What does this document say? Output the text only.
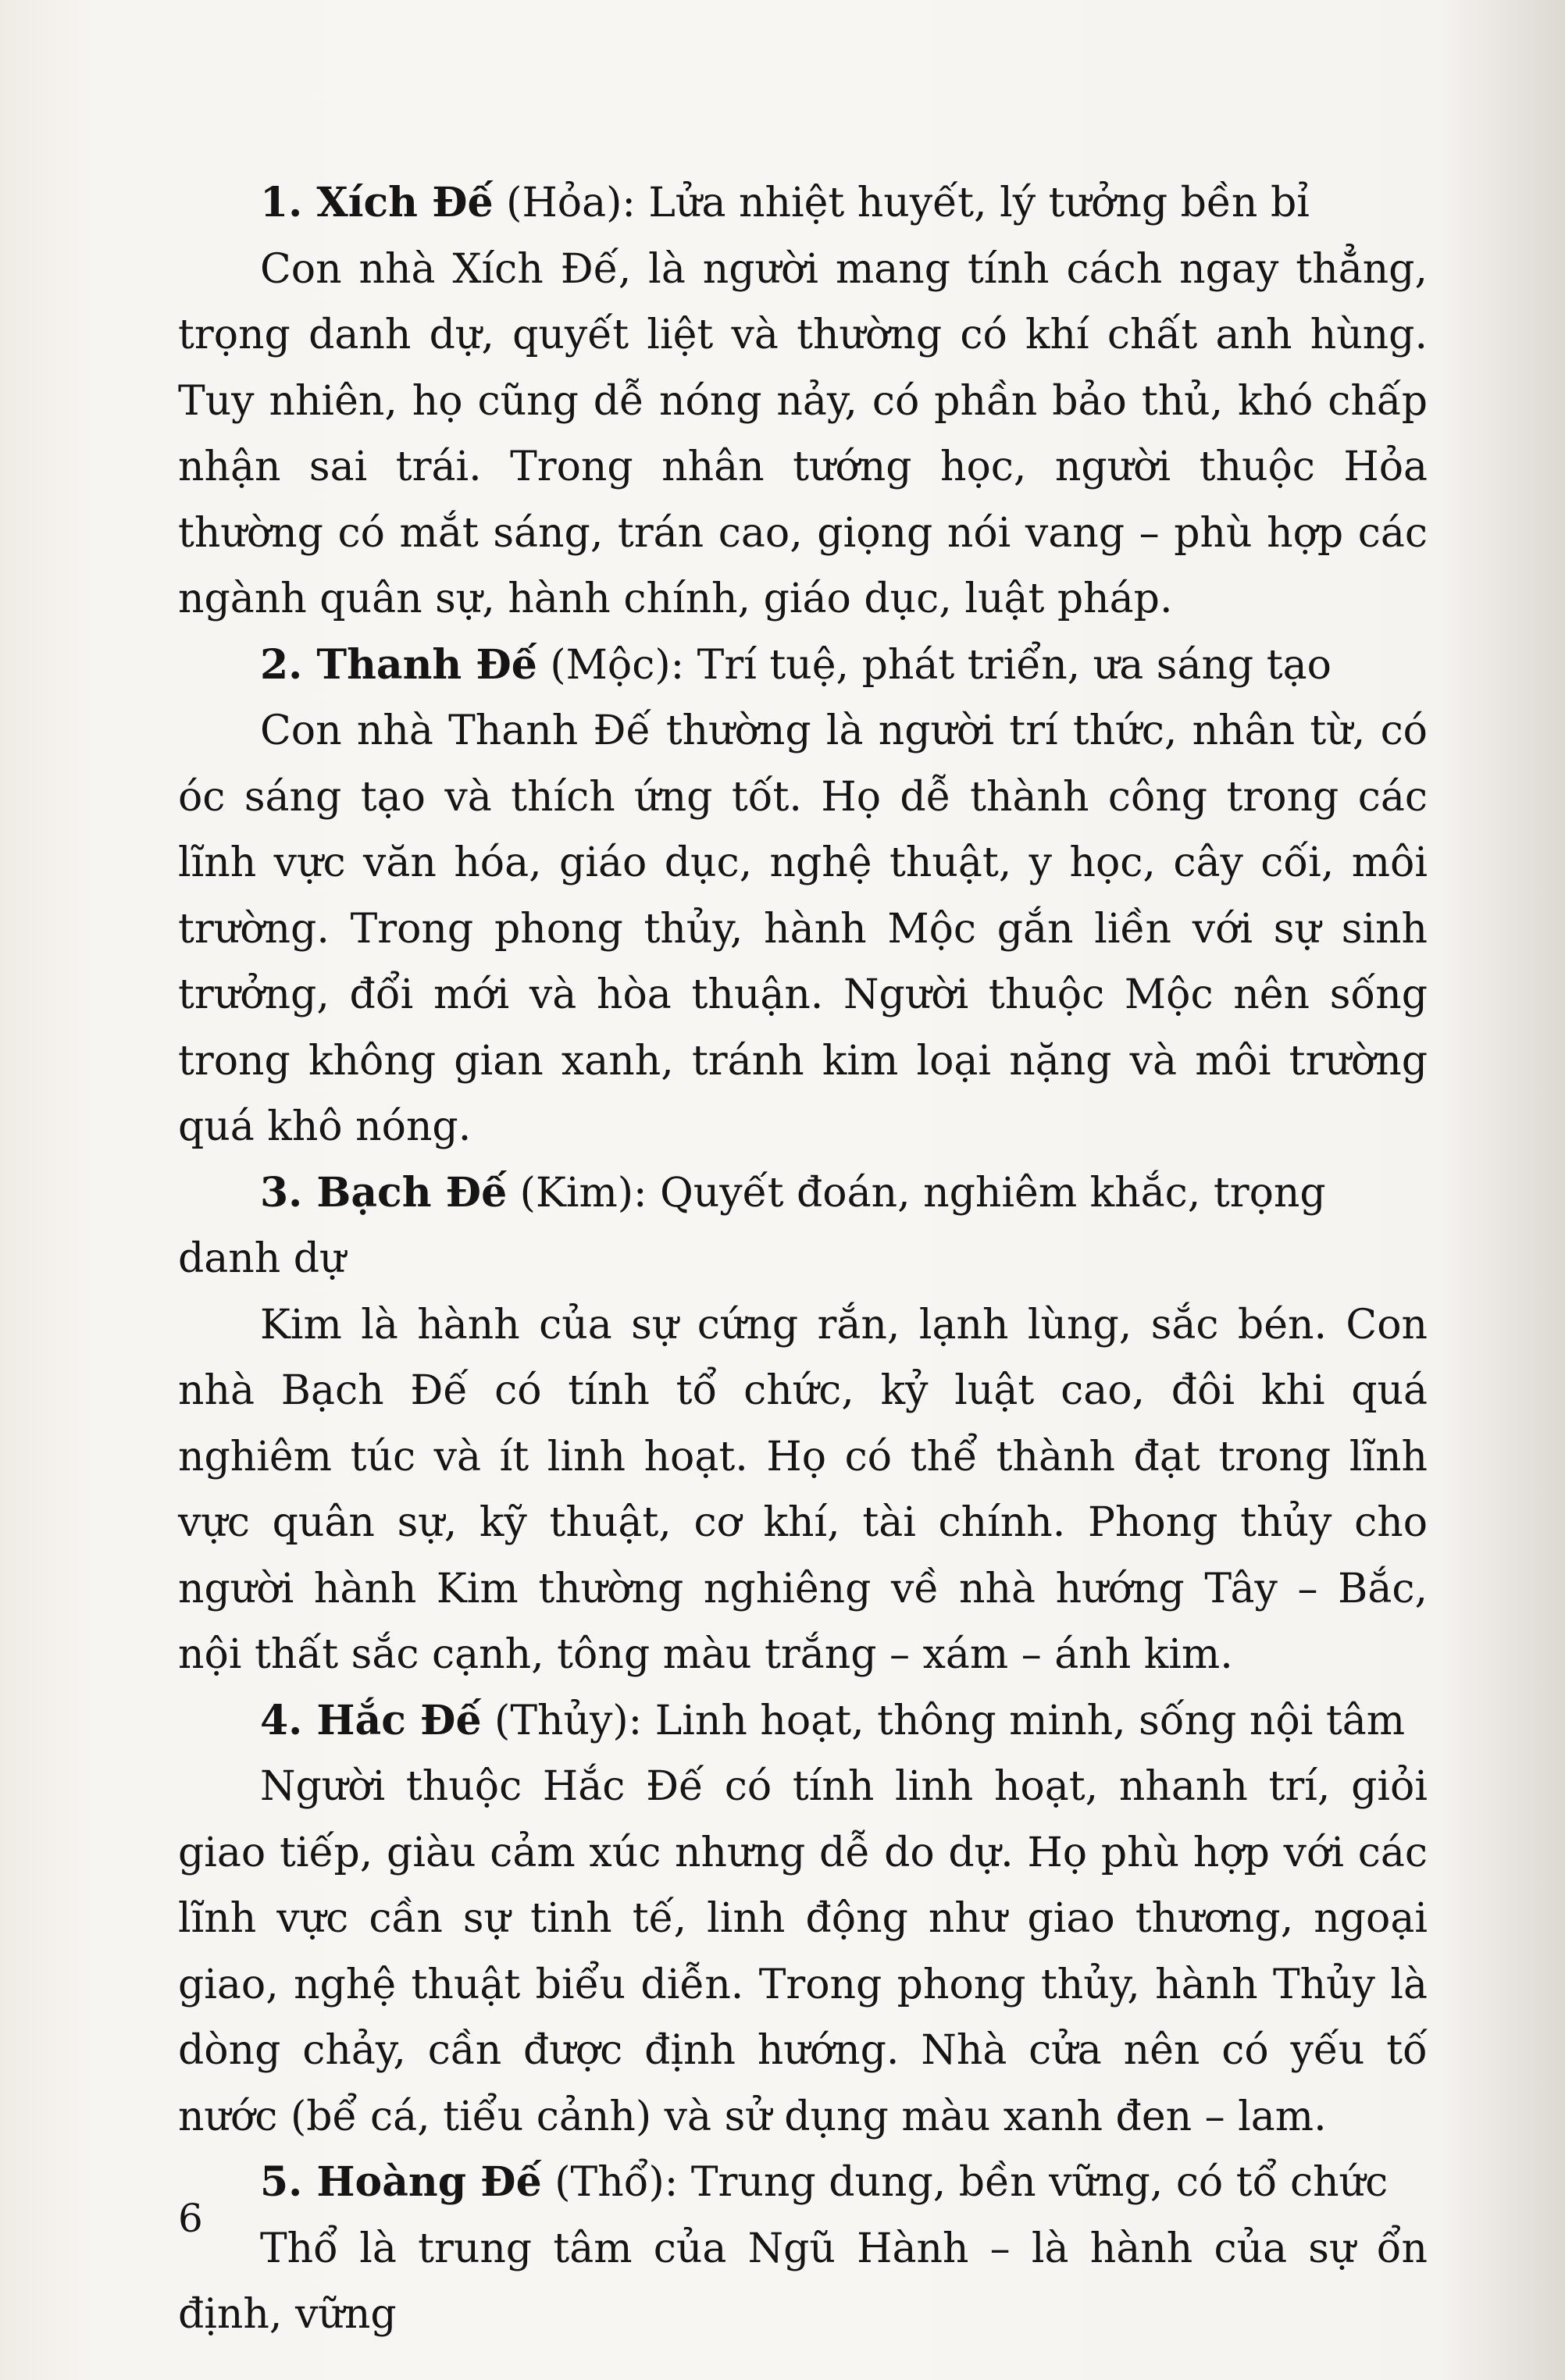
1. Xích Đế (Hỏa): Lửa nhiệt huyết, lý tưởng bền bỉ

Con nhà Xích Đế, là người mang tính cách ngay thẳng, trọng danh dự, quyết liệt và thường có khí chất anh hùng. Tuy nhiên, họ cũng dễ nóng nảy, có phần bảo thủ, khó chấp nhận sai trái. Trong nhân tướng học, người thuộc Hỏa thường có mắt sáng, trán cao, giọng nói vang – phù hợp các ngành quân sự, hành chính, giáo dục, luật pháp.

2. Thanh Đế (Mộc): Trí tuệ, phát triển, ưa sáng tạo

Con nhà Thanh Đế thường là người trí thức, nhân từ, có óc sáng tạo và thích ứng tốt. Họ dễ thành công trong các lĩnh vực văn hóa, giáo dục, nghệ thuật, y học, cây cối, môi trường. Trong phong thủy, hành Mộc gắn liền với sự sinh trưởng, đổi mới và hòa thuận. Người thuộc Mộc nên sống trong không gian xanh, tránh kim loại nặng và môi trường quá khô nóng.

3. Bạch Đế (Kim): Quyết đoán, nghiêm khắc, trọng danh dự

Kim là hành của sự cứng rắn, lạnh lùng, sắc bén. Con nhà Bạch Đế có tính tổ chức, kỷ luật cao, đôi khi quá nghiêm túc và ít linh hoạt. Họ có thể thành đạt trong lĩnh vực quân sự, kỹ thuật, cơ khí, tài chính. Phong thủy cho người hành Kim thường nghiêng về nhà hướng Tây – Bắc, nội thất sắc cạnh, tông màu trắng – xám – ánh kim.

4. Hắc Đế (Thủy): Linh hoạt, thông minh, sống nội tâm

Người thuộc Hắc Đế có tính linh hoạt, nhanh trí, giỏi giao tiếp, giàu cảm xúc nhưng dễ do dự. Họ phù hợp với các lĩnh vực cần sự tinh tế, linh động như giao thương, ngoại giao, nghệ thuật biểu diễn. Trong phong thủy, hành Thủy là dòng chảy, cần được định hướng. Nhà cửa nên có yếu tố nước (bể cá, tiểu cảnh) và sử dụng màu xanh đen – lam.

5. Hoàng Đế (Thổ): Trung dung, bền vững, có tổ chức

Thổ là trung tâm của Ngũ Hành – là hành của sự ổn định, vững

6
